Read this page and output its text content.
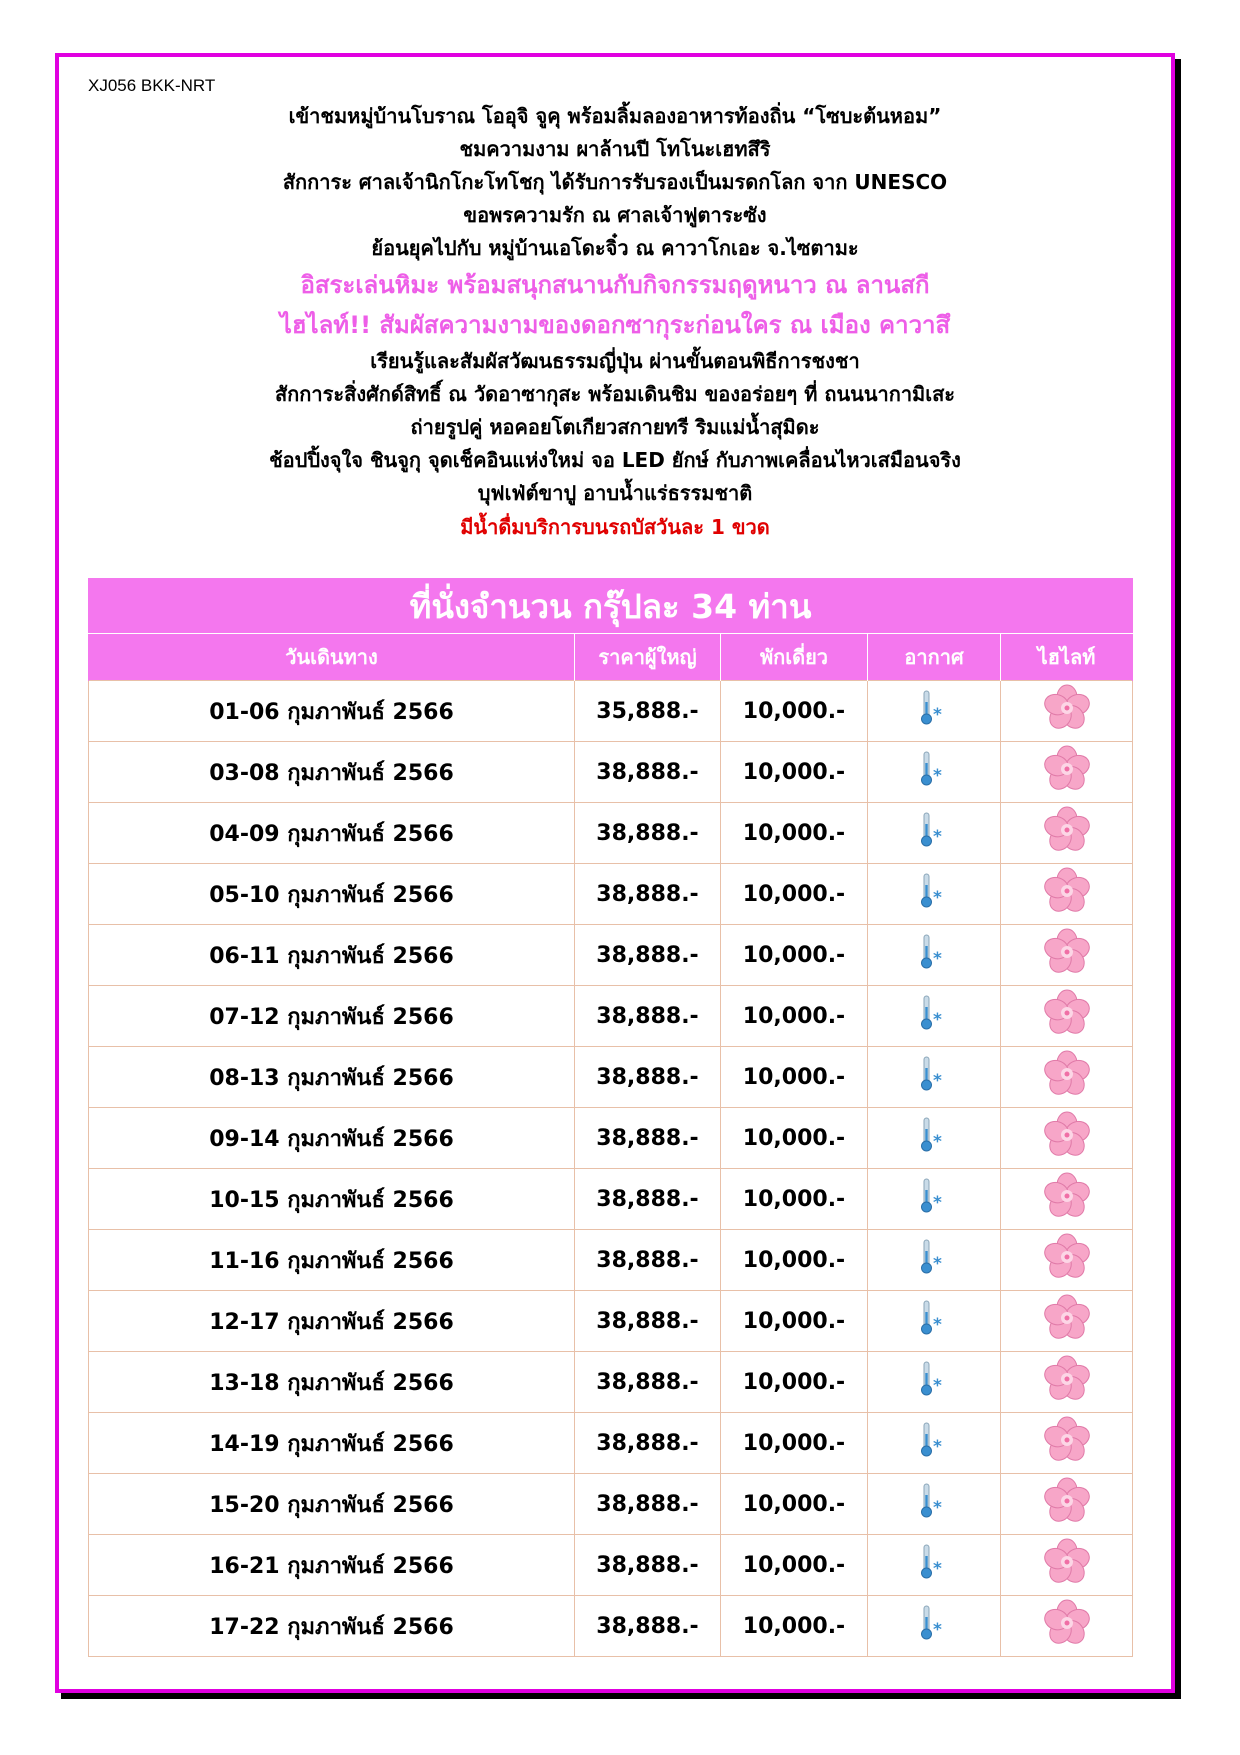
XJ056 BKK-NRT
เข้าชมหมู่บ้านโบราณ โออุจิ จูคุ พร้อมลิ้มลองอาหารท้องถิ่น “โซบะต้นหอม”
ชมความงาม ผาล้านปี โทโนะเฮทสึริ
สักการะ ศาลเจ้านิกโกะโทโชกุ ได้รับการรับรองเป็นมรดกโลก จาก UNESCO
ขอพรความรัก ณ ศาลเจ้าฟูตาระซัง
ย้อนยุคไปกับ หมู่บ้านเอโดะจิ๋ว ณ คาวาโกเอะ จ.ไซตามะ
อิสระเล่นหิมะ พร้อมสนุกสนานกับกิจกรรมฤดูหนาว ณ ลานสกี
ไฮไลท์!! สัมผัสความงามของดอกซากุระก่อนใคร ณ เมือง คาวาสึ
เรียนรู้และสัมผัสวัฒนธรรมญี่ปุ่น ผ่านขั้นตอนพิธีการชงชา
สักการะสิ่งศักด์สิทธิ์ ณ วัดอาซากุสะ พร้อมเดินชิม ของอร่อยๆ ที่ ถนนนากามิเสะ
ถ่ายรูปคู่ หอคอยโตเกียวสกายทรี ริมแม่น้ำสุมิดะ
ช้อปปิ้งจุใจ ชินจูกุ จุดเช็คอินแห่งใหม่ จอ LED ยักษ์ กับภาพเคลื่อนไหวเสมือนจริง
บุฟเฟ่ต์ขาปู อาบน้ำแร่ธรรมชาติ
มีน้ำดื่มบริการบนรถบัสวันละ 1 ขวด
ที่นั่งจำนวน กรุ๊ปละ 34 ท่าน				
วันเดินทาง	ราคาผู้ใหญ่	พักเดี่ยว	อากาศ	ไฮไลท์
01-06 กุมภาพันธ์ 2566	35,888.-	10,000.-	*

03-08 กุมภาพันธ์ 2566	38,888.-	10,000.-	*

04-09 กุมภาพันธ์ 2566	38,888.-	10,000.-	*

05-10 กุมภาพันธ์ 2566	38,888.-	10,000.-	*

06-11 กุมภาพันธ์ 2566	38,888.-	10,000.-	*

07-12 กุมภาพันธ์ 2566	38,888.-	10,000.-	*

08-13 กุมภาพันธ์ 2566	38,888.-	10,000.-	*

09-14 กุมภาพันธ์ 2566	38,888.-	10,000.-	*

10-15 กุมภาพันธ์ 2566	38,888.-	10,000.-	*

11-16 กุมภาพันธ์ 2566	38,888.-	10,000.-	*

12-17 กุมภาพันธ์ 2566	38,888.-	10,000.-	*

13-18 กุมภาพันธ์ 2566	38,888.-	10,000.-	*

14-19 กุมภาพันธ์ 2566	38,888.-	10,000.-	*

15-20 กุมภาพันธ์ 2566	38,888.-	10,000.-	*

16-21 กุมภาพันธ์ 2566	38,888.-	10,000.-	*

17-22 กุมภาพันธ์ 2566	38,888.-	10,000.-	*
